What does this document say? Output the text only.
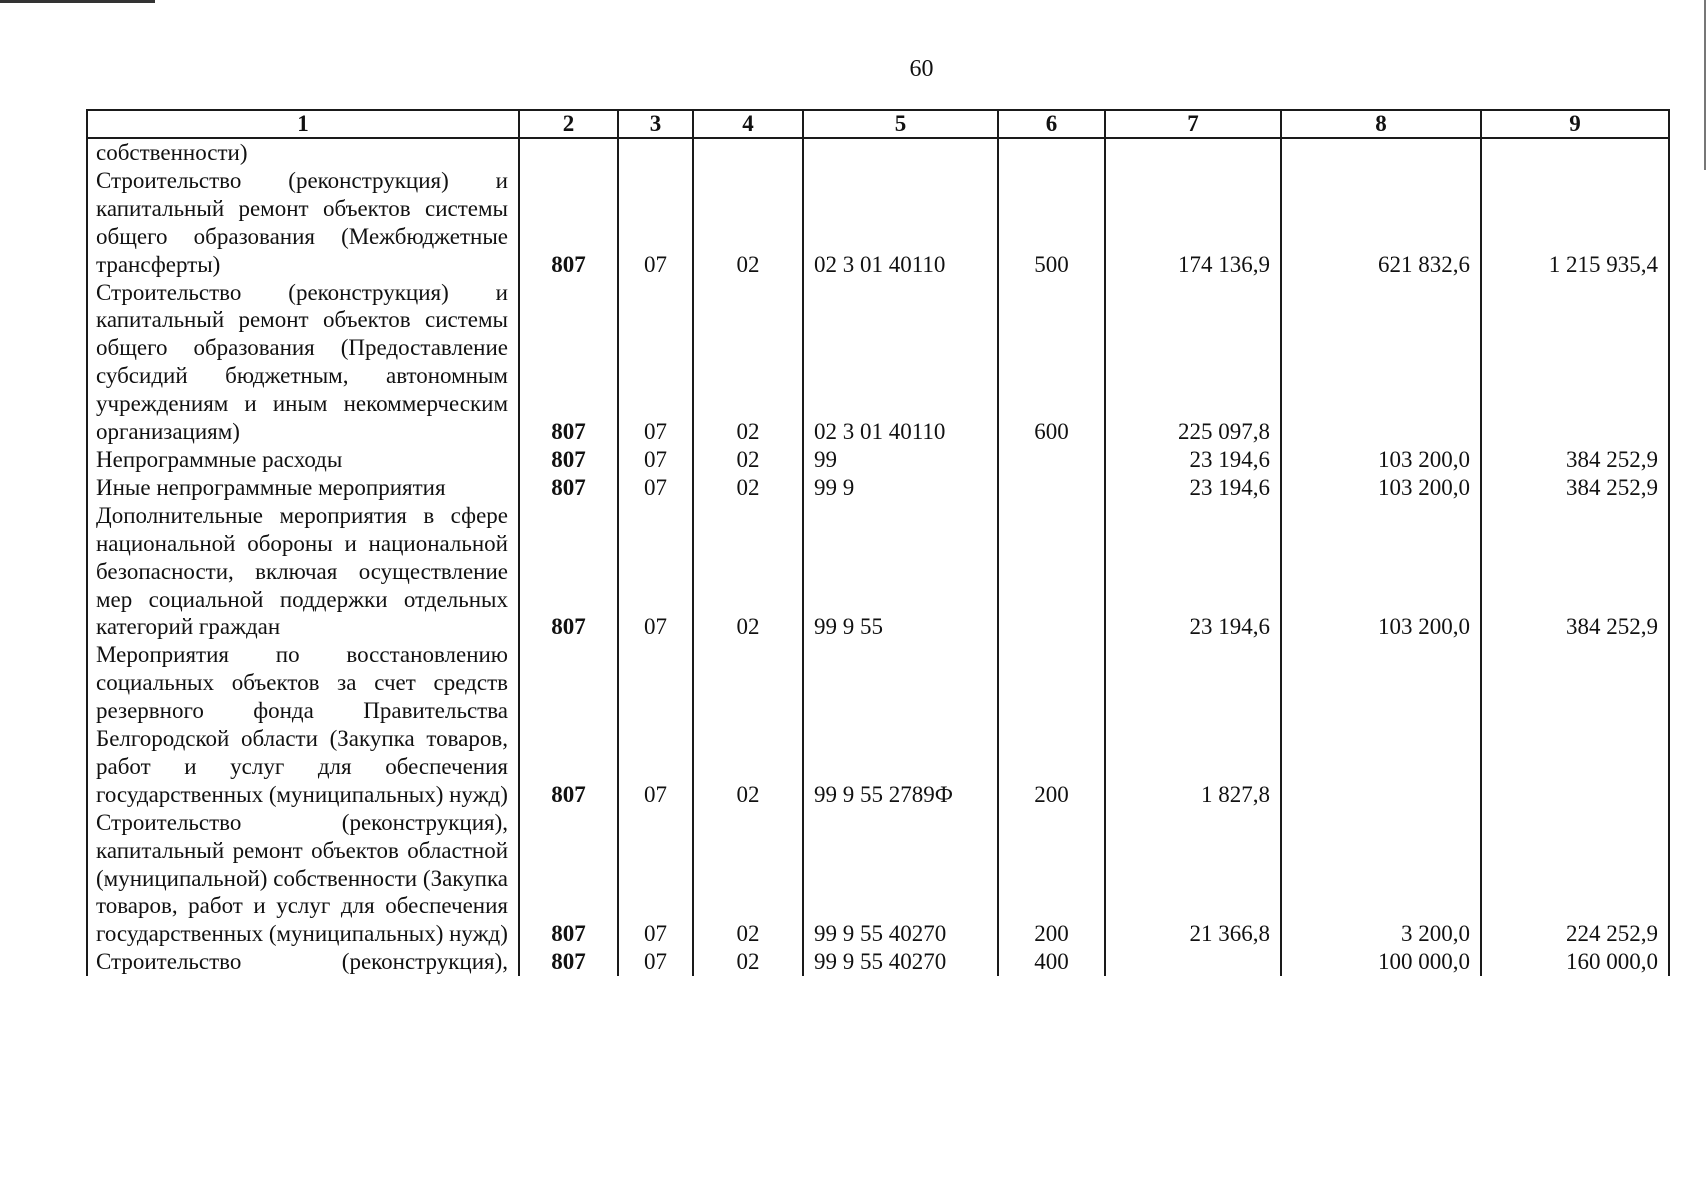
60
1	2	3	4	5	6	7	8	9
собственности)								
Строительство (реконструкция) и капитальный ремонт объектов системы общего образования (Межбюджетные трансферты)	807	07	02	02 3 01 40110	500	174 136,9	621 832,6	1 215 935,4
Строительство (реконструкция) и капитальный ремонт объектов системы общего образования (Предоставление субсидий бюджетным, автономным учреждениям и иным некоммерческим организациям)	807	07	02	02 3 01 40110	600	225 097,8		
Непрограммные расходы	807	07	02	99		23 194,6	103 200,0	384 252,9
Иные непрограммные мероприятия	807	07	02	99 9		23 194,6	103 200,0	384 252,9
Дополнительные мероприятия в сфере национальной обороны и национальной безопасности, включая осуществление мер социальной поддержки отдельных категорий граждан	807	07	02	99 9 55		23 194,6	103 200,0	384 252,9
Мероприятия по восстановлению социальных объектов за счет средств резервного фонда Правительства Белгородской области (Закупка товаров, работ и услуг для обеспечения государственных (муниципальных) нужд)	807	07	02	99 9 55 2789Ф	200	1 827,8		
Строительство (реконструкция), капитальный ремонт объектов областной (муниципальной) собственности (Закупка товаров, работ и услуг для обеспечения государственных (муниципальных) нужд)	807	07	02	99 9 55 40270	200	21 366,8	3 200,0	224 252,9
Строительство (реконструкция),	807	07	02	99 9 55 40270	400		100 000,0	160 000,0
